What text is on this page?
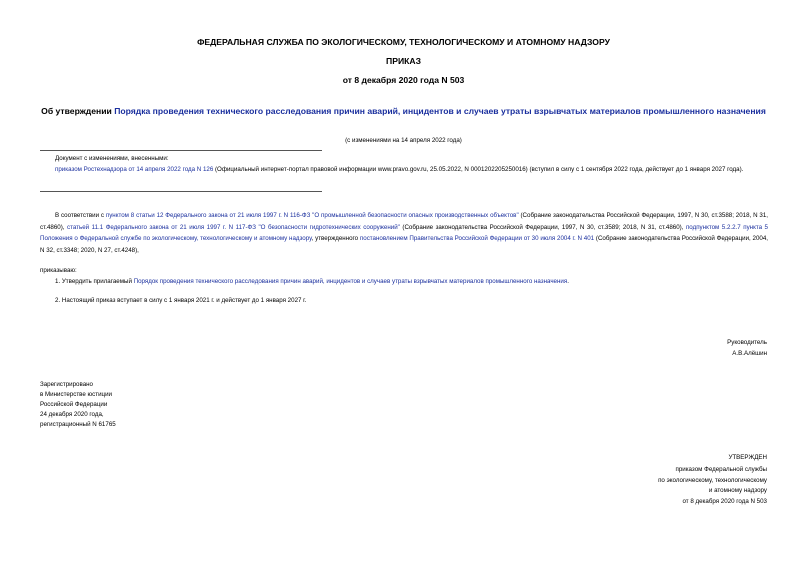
ФЕДЕРАЛЬНАЯ СЛУЖБА ПО ЭКОЛОГИЧЕСКОМУ, ТЕХНОЛОГИЧЕСКОМУ И АТОМНОМУ НАДЗОРУ
ПРИКАЗ
от 8 декабря 2020 года N 503
Об утверждении Порядка проведения технического расследования причин аварий, инцидентов и случаев утраты взрывчатых материалов промышленного назначения
(с изменениями на 14 апреля 2022 года)
Документ с изменениями, внесенными:
приказом Ростехнадзора от 14 апреля 2022 года N 126 (Официальный интернет-портал правовой информации www.pravo.gov.ru, 25.05.2022, N 0001202205250016) (вступил в силу с 1 сентября 2022 года, действует до 1 января 2027 года).
В соответствии с пунктом 8 статьи 12 Федерального закона от 21 июля 1997 г. N 116-ФЗ "О промышленной безопасности опасных производственных объектов" (Собрание законодательства Российской Федерации, 1997, N 30, ст.3588; 2018, N 31, ст.4860), статьей 11.1 Федерального закона от 21 июля 1997 г. N 117-ФЗ "О безопасности гидротехнических сооружений" (Собрание законодательства Российской Федерации, 1997, N 30, ст.3589; 2018, N 31, ст.4860), подпунктом 5.2.2.7 пункта 5 Положения о Федеральной службе по экологическому, технологическому и атомному надзору, утвержденного постановлением Правительства Российской Федерации от 30 июля 2004 г. N 401 (Собрание законодательства Российской Федерации, 2004, N 32, ст.3348; 2020, N 27, ст.4248),
приказываю:
1. Утвердить прилагаемый Порядок проведения технического расследования причин аварий, инцидентов и случаев утраты взрывчатых материалов промышленного назначения.
2. Настоящий приказ вступает в силу с 1 января 2021 г. и действует до 1 января 2027 г.
Руководитель
А.В.Алёшин
Зарегистрировано
в Министерстве юстиции
Российской Федерации
24 декабря 2020 года,
регистрационный N 61765
УТВЕРЖДЕН
приказом Федеральной службы
по экологическому, технологическому
и атомному надзору
от 8 декабря 2020 года N 503
